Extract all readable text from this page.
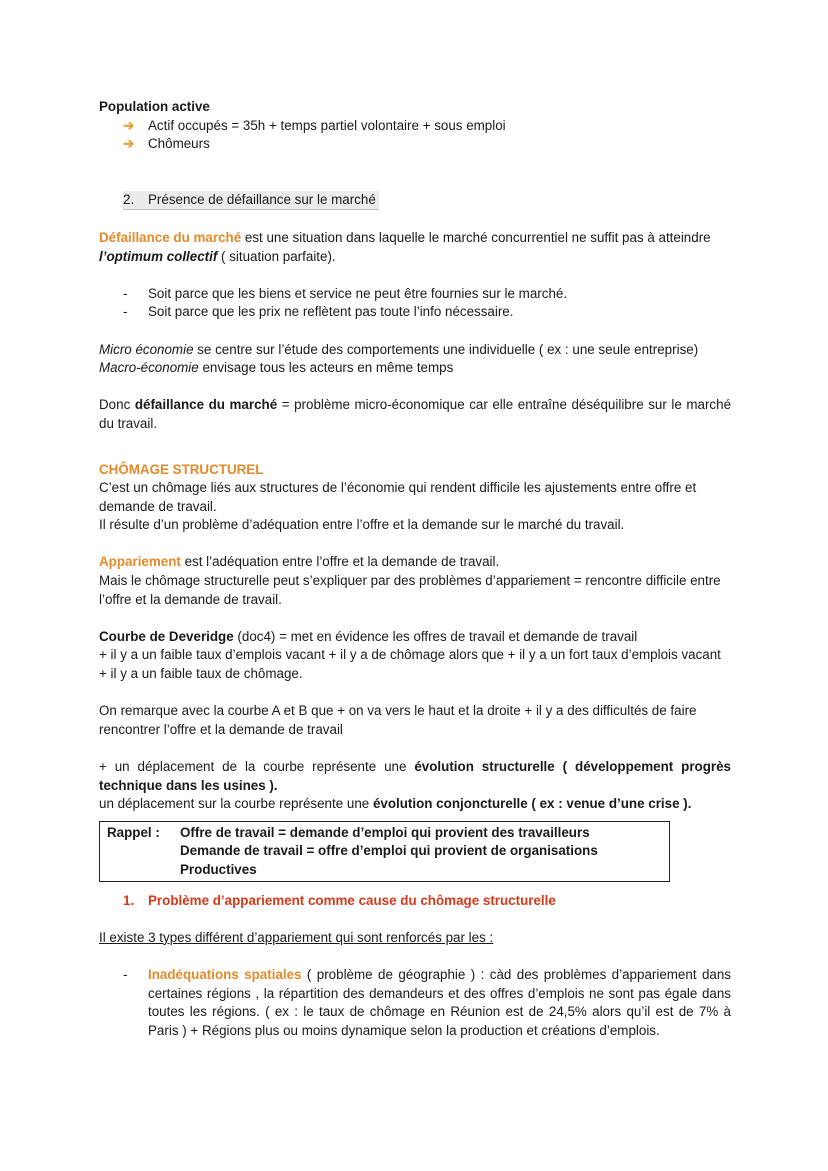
Population active
➔ Actif occupés = 35h + temps partiel volontaire + sous emploi
➔ Chômeurs
2. Présence de défaillance sur le marché
Défaillance du marché est une situation dans laquelle le marché concurrentiel ne suffit pas à atteindre
l’optimum collectif ( situation parfaite).
- Soit parce que les biens et service ne peut être fournies sur le marché.
- Soit parce que les prix ne reflètent pas toute l’info nécessaire.
Micro économie se centre sur l’étude des comportements une individuelle ( ex : une seule entreprise)
Macro-économie envisage tous les acteurs en même temps
Donc défaillance du marché = problème micro-économique car elle entraîne déséquilibre sur le marché du travail.
CHÔMAGE STRUCTUREL
C’est un chômage liés aux structures de l’économie qui rendent difficile les ajustements entre offre et demande de travail.
Il résulte d’un problème d’adéquation entre l’offre et la demande sur le marché du travail.
Appariement est l’adéquation entre l’offre et la demande de travail.
Mais le chômage structurelle peut s’expliquer par des problèmes d’appariement = rencontre difficile entre l’offre et la demande de travail.
Courbe de Deveridge (doc4) = met en évidence les offres de travail et demande de travail
+ il y a un faible taux d’emplois vacant + il y a de chômage alors que + il y a un fort taux d’emplois vacant + il y a un faible taux de chômage.
On remarque avec la courbe A et B que + on va vers le haut et la droite + il y a des difficultés de faire rencontrer l’offre et la demande de travail
+ un déplacement de la courbe représente une évolution structurelle ( développement progrès technique dans les usines ).
un déplacement sur la courbe représente une évolution conjoncturelle ( ex : venue d’une crise ).
Rappel :	Offre de travail = demande d’emploi qui provient des travailleurs
Demande de travail = offre d’emploi qui provient de organisations
Productives
1. Problème d’appariement comme cause du chômage structurelle
Il existe 3 types différent d’appariement qui sont renforcés par les :
- Inadéquations spatiales ( problème de géographie ) : càd des problèmes d’appariement dans certaines régions , la répartition des demandeurs et des offres d’emplois ne sont pas égale dans toutes les régions. ( ex : le taux de chômage en Réunion est de 24,5% alors qu’il est de 7% à Paris ) + Régions plus ou moins dynamique selon la production et créations d’emplois.
